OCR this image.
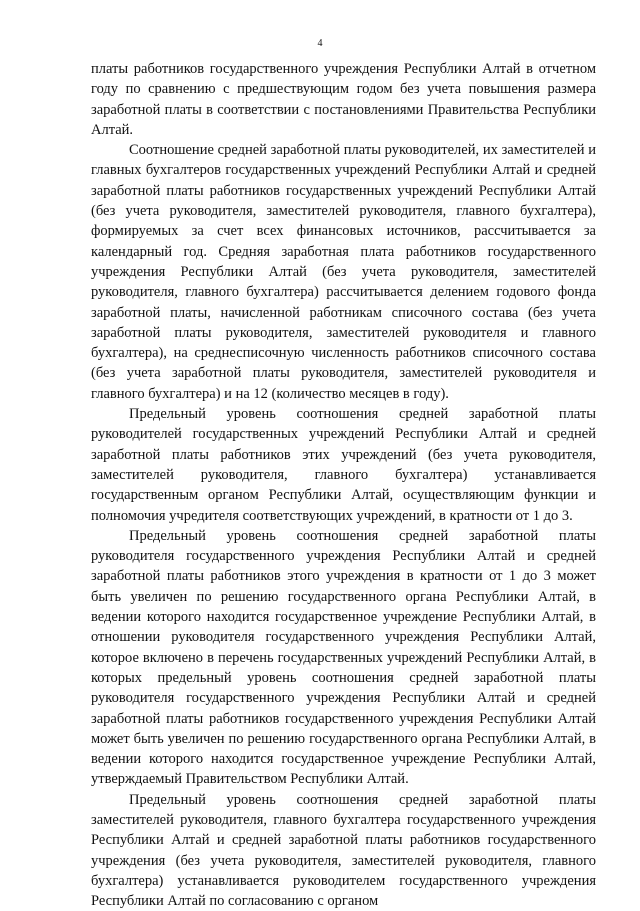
4

платы работников государственного учреждения Республики Алтай в отчетном году по сравнению с предшествующим годом без учета повышения размера заработной платы в соответствии с постановлениями Правительства Республики Алтай.

Соотношение средней заработной платы руководителей, их заместителей и главных бухгалтеров государственных учреждений Республики Алтай и средней заработной платы работников государственных учреждений Республики Алтай (без учета руководителя, заместителей руководителя, главного бухгалтера), формируемых за счет всех финансовых источников, рассчитывается за календарный год. Средняя заработная плата работников государственного учреждения Республики Алтай (без учета руководителя, заместителей руководителя, главного бухгалтера) рассчитывается делением годового фонда заработной платы, начисленной работникам списочного состава (без учета заработной платы руководителя, заместителей руководителя и главного бухгалтера), на среднесписочную численность работников списочного состава (без учета заработной платы руководителя, заместителей руководителя и главного бухгалтера) и на 12 (количество месяцев в году).

Предельный уровень соотношения средней заработной платы руководителей государственных учреждений Республики Алтай и средней заработной платы работников этих учреждений (без учета руководителя, заместителей руководителя, главного бухгалтера) устанавливается государственным органом Республики Алтай, осуществляющим функции и полномочия учредителя соответствующих учреждений, в кратности от 1 до 3.

Предельный уровень соотношения средней заработной платы руководителя государственного учреждения Республики Алтай и средней заработной платы работников этого учреждения в кратности от 1 до 3 может быть увеличен по решению государственного органа Республики Алтай, в ведении которого находится государственное учреждение Республики Алтай, в отношении руководителя государственного учреждения Республики Алтай, которое включено в перечень государственных учреждений Республики Алтай, в которых предельный уровень соотношения средней заработной платы руководителя государственного учреждения Республики Алтай и средней заработной платы работников государственного учреждения Республики Алтай может быть увеличен по решению государственного органа Республики Алтай, в ведении которого находится государственное учреждение Республики Алтай, утверждаемый Правительством Республики Алтай.

Предельный уровень соотношения средней заработной платы заместителей руководителя, главного бухгалтера государственного учреждения Республики Алтай и средней заработной платы работников государственного учреждения (без учета руководителя, заместителей руководителя, главного бухгалтера) устанавливается руководителем государственного учреждения Республики Алтай по согласованию с органом
